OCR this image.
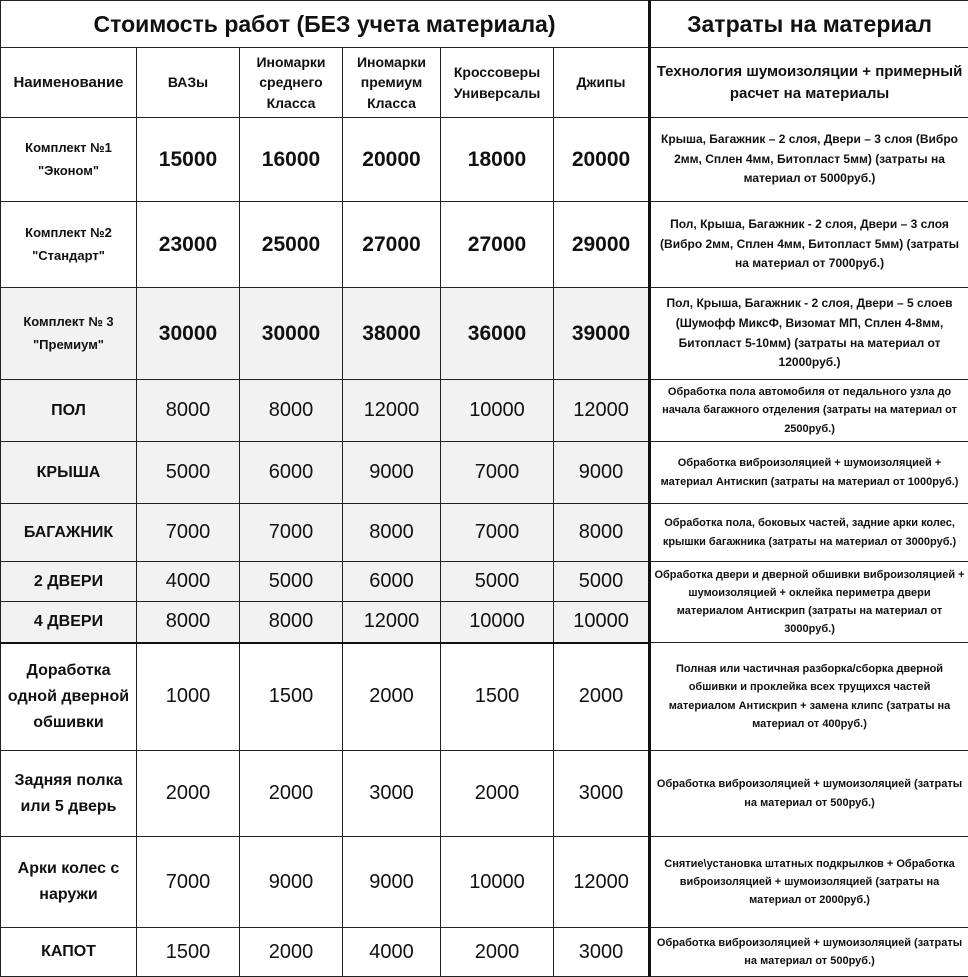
Стоимость работ (БЕЗ учета материала)						Затраты на материал
Наименование	ВАЗы	Иномарки среднего Класса	Иномарки премиум Класса	Кроссоверы Универсалы	Джипы	Технология шумоизоляции + примерный расчет на материалы
Комплект №1 "Эконом"	15000	16000	20000	18000	20000	Крыша, Багажник – 2 слоя, Двери – 3 слоя (Вибро 2мм, Сплен 4мм, Битопласт 5мм) (затраты на материал от 5000руб.)
Комплект №2 "Стандарт"	23000	25000	27000	27000	29000	Пол, Крыша, Багажник - 2 слоя, Двери – 3 слоя (Вибро 2мм, Сплен 4мм, Битопласт 5мм) (затраты на материал от 7000руб.)
Комплект № 3 "Премиум"	30000	30000	38000	36000	39000	Пол, Крыша, Багажник - 2 слоя, Двери – 5 слоев (Шумофф МиксФ, Визомат МП, Сплен 4-8мм, Битопласт 5-10мм) (затраты на материал от 12000руб.)
ПОЛ	8000	8000	12000	10000	12000	Обработка пола автомобиля от педального узла до начала багажного отделения (затраты на материал от 2500руб.)
КРЫША	5000	6000	9000	7000	9000	Обработка виброизоляцией + шумоизоляцией + материал Антискип (затраты на материал от 1000руб.)
БАГАЖНИК	7000	7000	8000	7000	8000	Обработка пола, боковых частей, задние арки колес, крышки багажника (затраты на материал от 3000руб.)
2 ДВЕРИ	4000	5000	6000	5000	5000	Обработка двери и дверной обшивки виброизоляцией + шумоизоляцией + оклейка периметра двери материалом Антискрип (затраты на материал от 3000руб.)
4 ДВЕРИ	8000	8000	12000	10000	10000	
Доработка одной дверной обшивки	1000	1500	2000	1500	2000	Полная или частичная разборка/сборка дверной обшивки и проклейка всех трущихся частей материалом Антискрип + замена клипс (затраты на материал от 400руб.)
Задняя полка или 5 дверь	2000	2000	3000	2000	3000	Обработка виброизоляцией + шумоизоляцией (затраты на материал от 500руб.)
Арки колес с наружи	7000	9000	9000	10000	12000	Снятие\установка штатных подкрылков + Обработка виброизоляцией + шумоизоляцией (затраты на материал от 2000руб.)
КАПОТ	1500	2000	4000	2000	3000	Обработка виброизоляцией + шумоизоляцией (затраты на материал от 500руб.)
